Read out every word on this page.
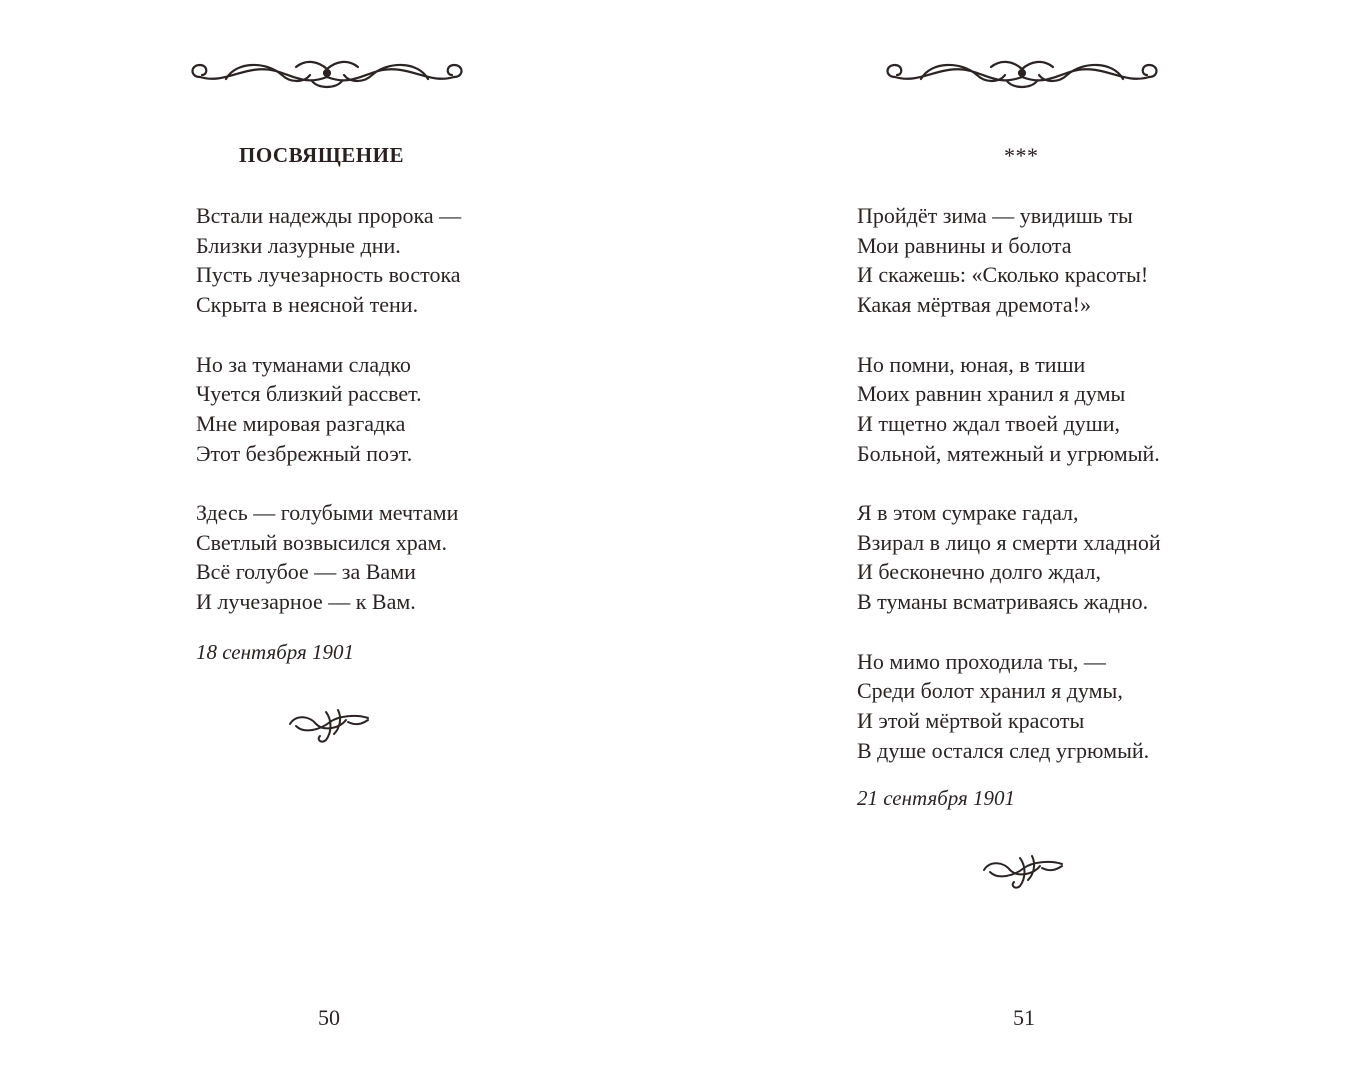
ПОСВЯЩЕНИЕ
Встали надежды пророка —
Близки лазурные дни.
Пусть лучезарность востока
Скрыта в неясной тени.
Но за туманами сладко
Чуется близкий рассвет.
Мне мировая разгадка
Этот безбрежный поэт.
Здесь — голубыми мечтами
Светлый возвысился храм.
Всё голубое — за Вами
И лучезарное — к Вам.
18 сентября 1901
50
***
Пройдёт зима — увидишь ты
Мои равнины и болота
И скажешь: «Сколько красоты!
Какая мёртвая дремота!»
Но помни, юная, в тиши
Моих равнин хранил я думы
И тщетно ждал твоей души,
Больной, мятежный и угрюмый.
Я в этом сумраке гадал,
Взирал в лицо я смерти хладной
И бесконечно долго ждал,
В туманы всматриваясь жадно.
Но мимо проходила ты, —
Среди болот хранил я думы,
И этой мёртвой красоты
В душе остался след угрюмый.
21 сентября 1901
51
